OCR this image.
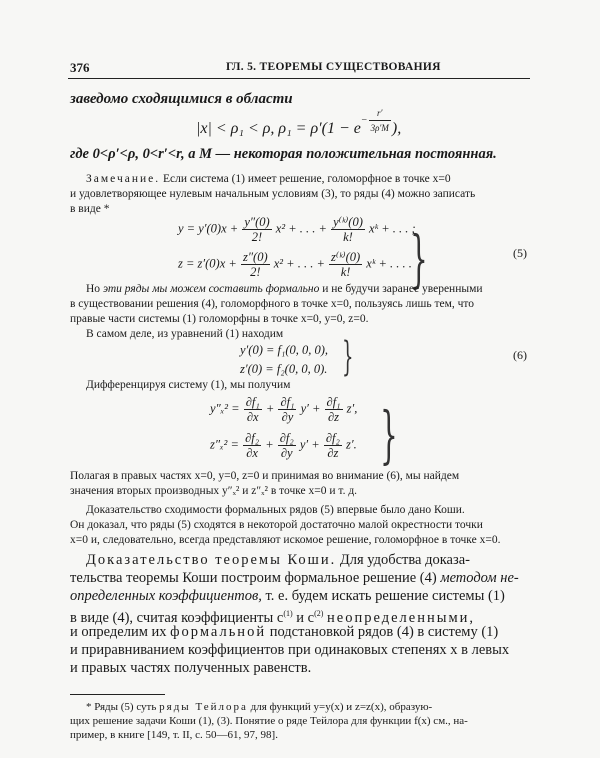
376	ГЛ. 5. ТЕОРЕМЫ СУЩЕСТВОВАНИЯ
заведомо сходящимися в области
|x| < ρ₁ < ρ, $\rho_1 = \rho'(1 - e^{- \frac{r'}{3\rho'M}}$ ),
где 0<ρ′<ρ, 0<r′<r, а M — некоторая положительная постоянная.
Замечание. Если система (1) имеет решение, голоморфное в точке x=0
и удовлетворяющее нулевым начальным условиям (3), то ряды (4) можно записать
в виде *
$y = y'(0)x + \frac{y''(0)}{2!} x^2$ + . . . + $\frac{\text{y⁽ᵏ⁾(0)}}{k!}$ xᵏ + . . . ;
$z = z'(0)x + \frac{z''(0)}{2!} x^2$ + . . . + $\frac{\text{z⁽ᵏ⁾(0)}}{k!}$ xᵏ + . . . .
}	(5)
Но эти ряды мы можем составить формально и не будучи заранее уверенными
в существовании решения (4), голоморфного в точке x=0, пользуясь лишь тем, что
правые части системы (1) голоморфны в точке x=0, y=0, z=0.
В самом деле, из уравнений (1) находим
y′(0) = f₁(0, 0, 0),
z′(0) = f₂(0, 0, 0). }	(6)
Дифференцируя систему (1), мы получим
$y''_x^2 = \frac{\text{∂f₁}}{\partial x} + \frac{\text{∂f₁}}{\partial y} y' + \frac{\text{∂f₁}}{\partial z} z'$,
$z''_x^2 = \frac{\text{∂f₂}}{\partial x} + \frac{\text{∂f₂}}{\partial y} y' + \frac{\text{∂f₂}}{\partial z} z'$. }
Полагая в правых частях x=0, y=0, z=0 и принимая во внимание (6), мы найдем
значения вторых производных y″ₓ² и z″ₓ² в точке x=0 и т. д.
Доказательство сходимости формальных рядов (5) впервые было дано Коши.
Он доказал, что ряды (5) сходятся в некоторой достаточно малой окрестности точки
x=0 и, следовательно, всегда представляют искомое решение, голоморфное в точке x=0.
Доказательство теоремы Коши. Для удобства доказа-
тельства теоремы Коши построим формальное решение (4) методом не-
определенных коэффициентов, т. е. будем искать решение системы (1)
в виде (4), считая коэффициенты $c^{(1)}$ и $c^{(2)}$ неопределенными,
и определим их формальной подстановкой рядов (4) в систему (1)
и приравниванием коэффициентов при одинаковых степенях x в левых
и правых частях полученных равенств.
* Ряды (5) суть ряды Тейлора для функций y=y(x) и z=z(x), образую-
щих решение задачи Коши (1), (3). Понятие о ряде Тейлора для функции f(x) см., на-
пример, в книге [149, т. II, с. 50—61, 97, 98].
